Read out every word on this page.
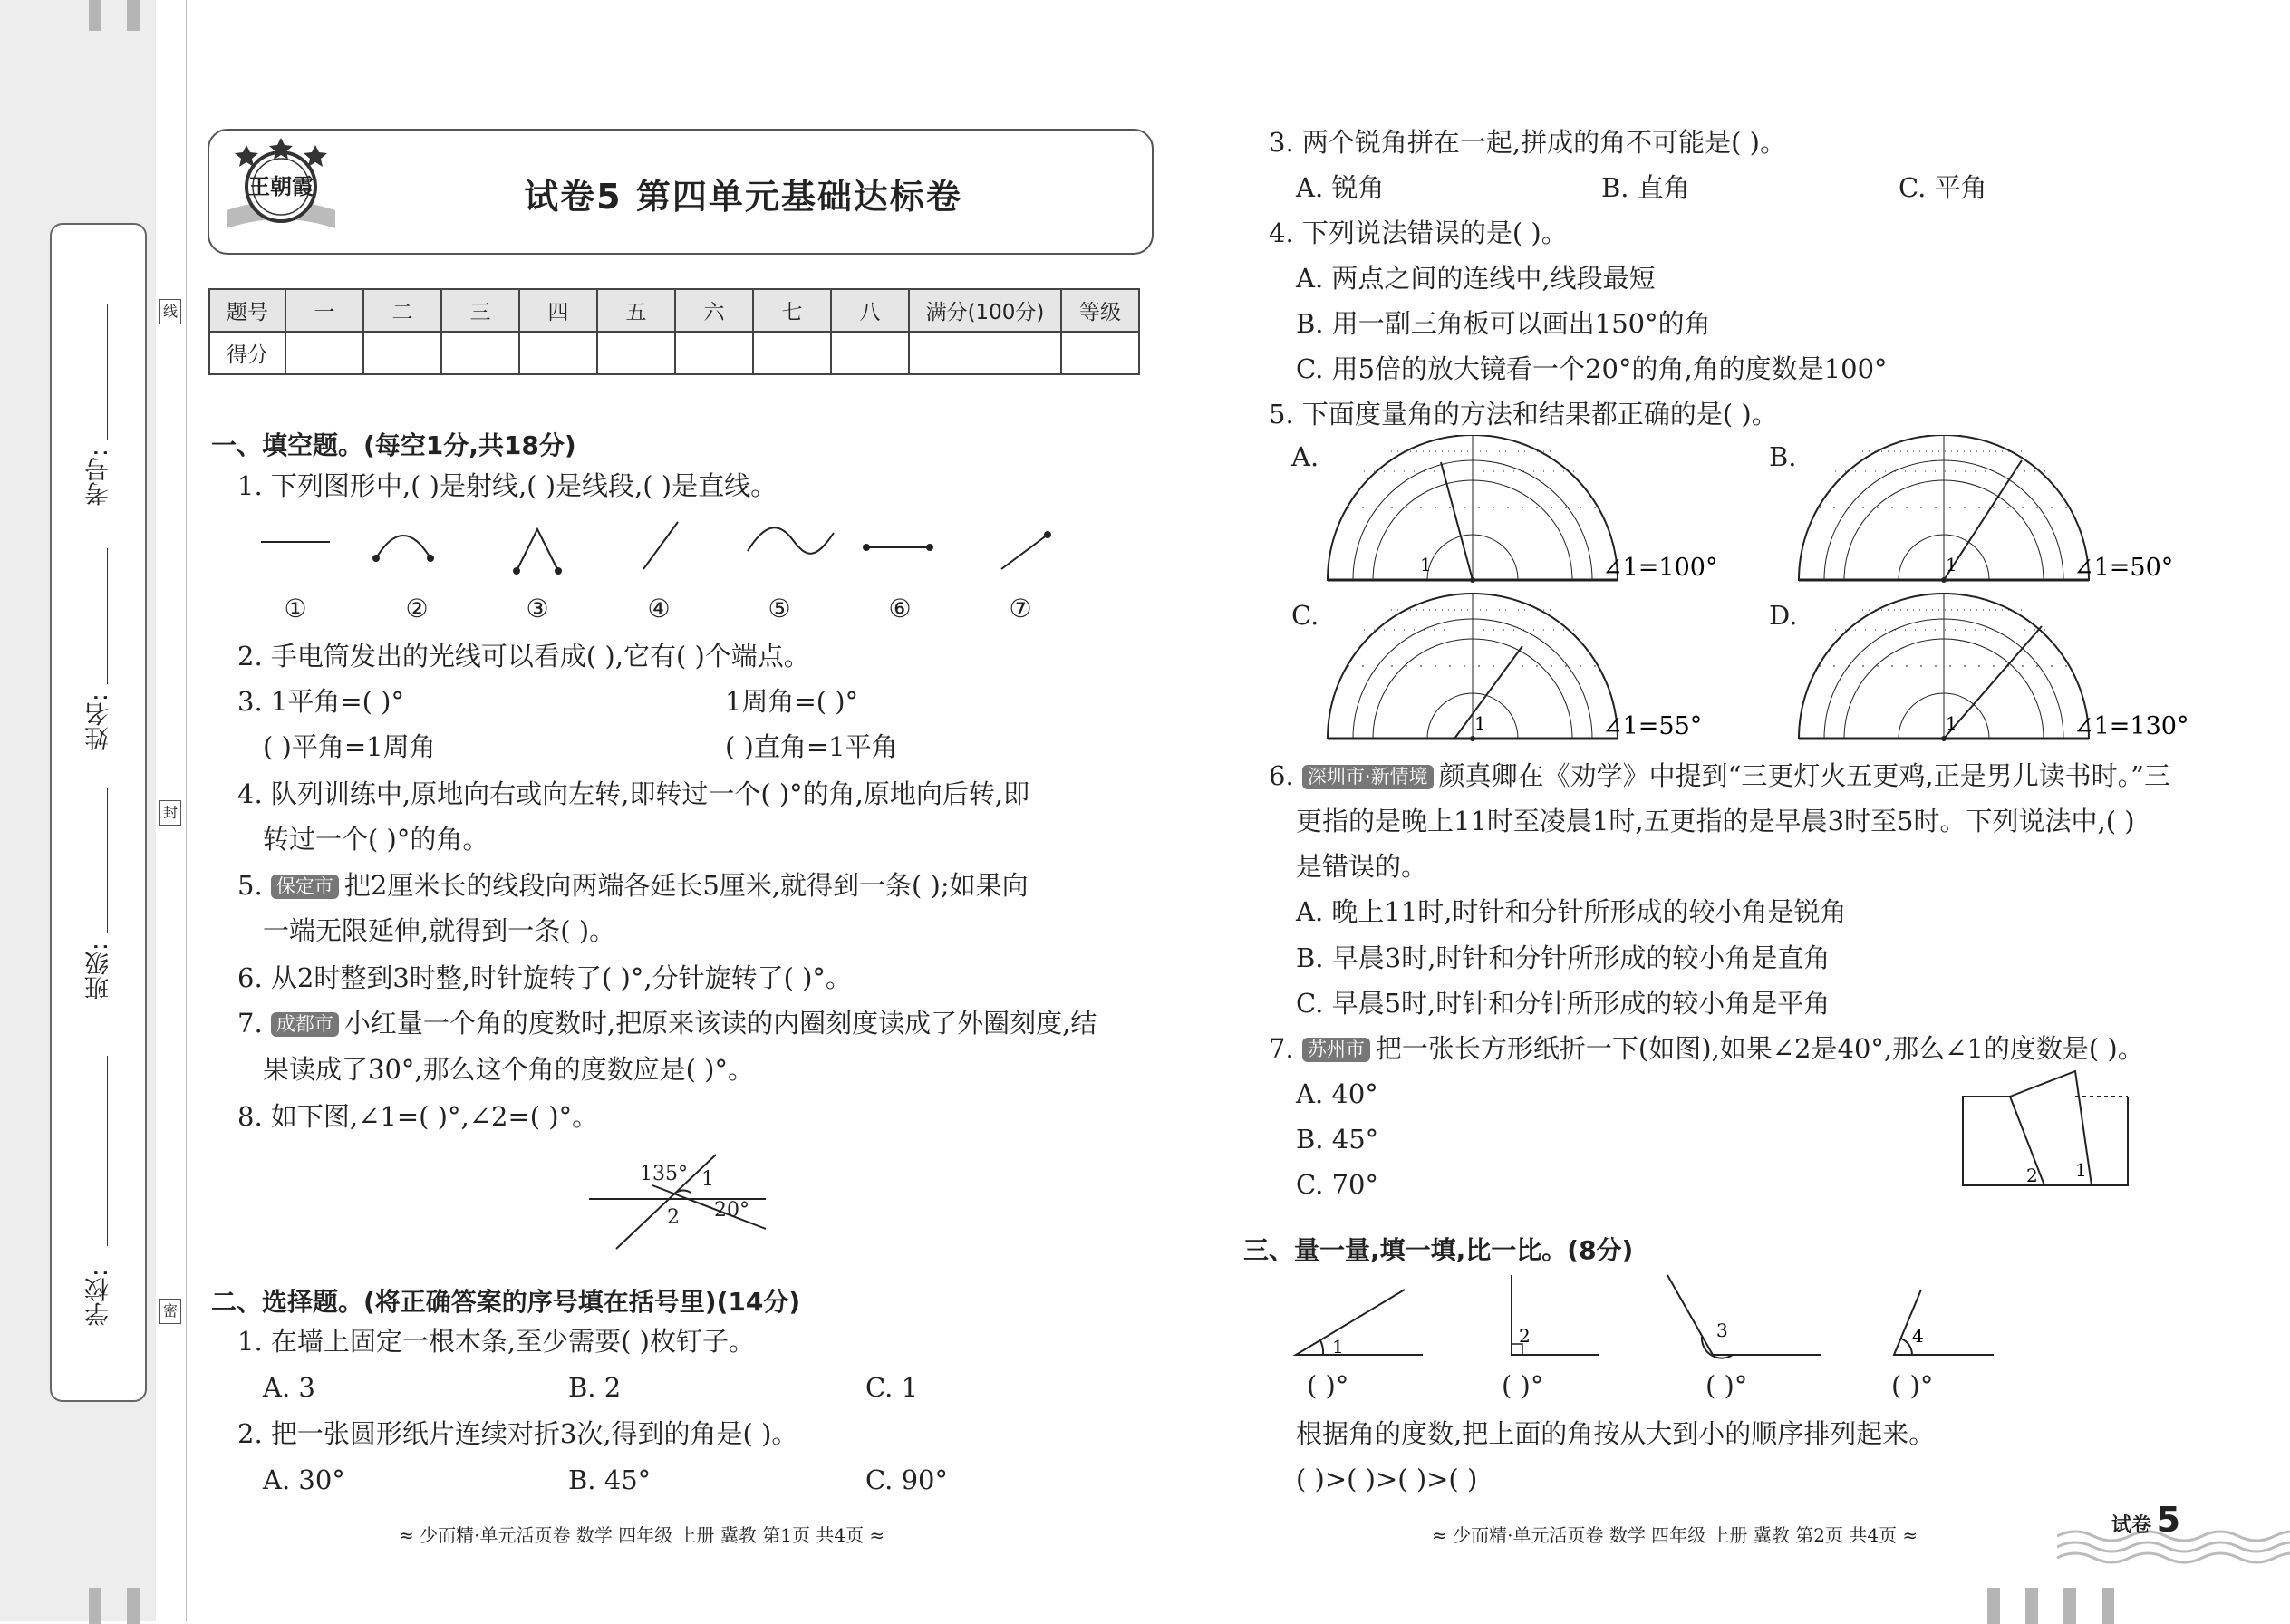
学校:
班级:
姓名:
考号:
线
封
密
王朝霞	试卷5 第四单元基础达标卷
题号	一	二	三	四	五	六	七	八	满分(100分)	等级
得分										
一、填空题。(每空1分,共18分)
1. 下列图形中,( )是射线,( )是线段,( )是直线。
①	②	③	④	⑤	⑥	⑦
2. 手电筒发出的光线可以看成( ),它有( )个端点。
3. 1平角=( )°	1周角=( )°
( )平角=1周角	( )直角=1平角
4. 队列训练中,原地向右或向左转,即转过一个( )°的角,原地向后转,即
转过一个( )°的角。
5. 保定市 把2厘米长的线段向两端各延长5厘米,就得到一条( );如果向
一端无限延伸,就得到一条( )。
6. 从2时整到3时整,时针旋转了( )°,分针旋转了( )°。
7. 成都市 小红量一个角的度数时,把原来该读的内圈刻度读成了外圈刻度,结
果读成了30°,那么这个角的度数应是( )°。
8. 如下图,∠1=( )°,∠2=( )°。
135° 1
2 20°
二、选择题。(将正确答案的序号填在括号里)(14分)
1. 在墙上固定一根木条,至少需要( )枚钉子。
A. 3	B. 2	C. 1
2. 把一张圆形纸片连续对折3次,得到的角是( )。
A. 30°	B. 45°	C. 90°
3. 两个锐角拼在一起,拼成的角不可能是( )。
A. 锐角	B. 直角	C. 平角
4. 下列说法错误的是( )。
A. 两点之间的连线中,线段最短
B. 用一副三角板可以画出150°的角
C. 用5倍的放大镜看一个20°的角,角的度数是100°
5. 下面度量角的方法和结果都正确的是( )。
A.
1	∠1=100°
B.
1	∠1=50°
C.
1	∠1=55°
D.
1	∠1=130°
6. 深圳市·新情境 颜真卿在《劝学》中提到“三更灯火五更鸡,正是男儿读书时。”三
更指的是晚上11时至凌晨1时,五更指的是早晨3时至5时。下列说法中,( )
是错误的。
A. 晚上11时,时针和分针所形成的较小角是锐角
B. 早晨3时,时针和分针所形成的较小角是直角
C. 早晨5时,时针和分针所形成的较小角是平角
7. 苏州市 把一张长方形纸折一下(如图),如果∠2是40°,那么∠1的度数是( )。
A. 40°
B. 45°
C. 70°	2 1
三、量一量,填一填,比一比。(8分)
1	2	3	4
( )°	( )°	( )°	( )°
根据角的度数,把上面的角按从大到小的顺序排列起来。
( )>( )>( )>( )
≈ 少而精·单元活页卷 数学 四年级 上册 冀教 第1页 共4页 ≈	≈ 少而精·单元活页卷 数学 四年级 上册 冀教 第2页 共4页 ≈	试卷 5
